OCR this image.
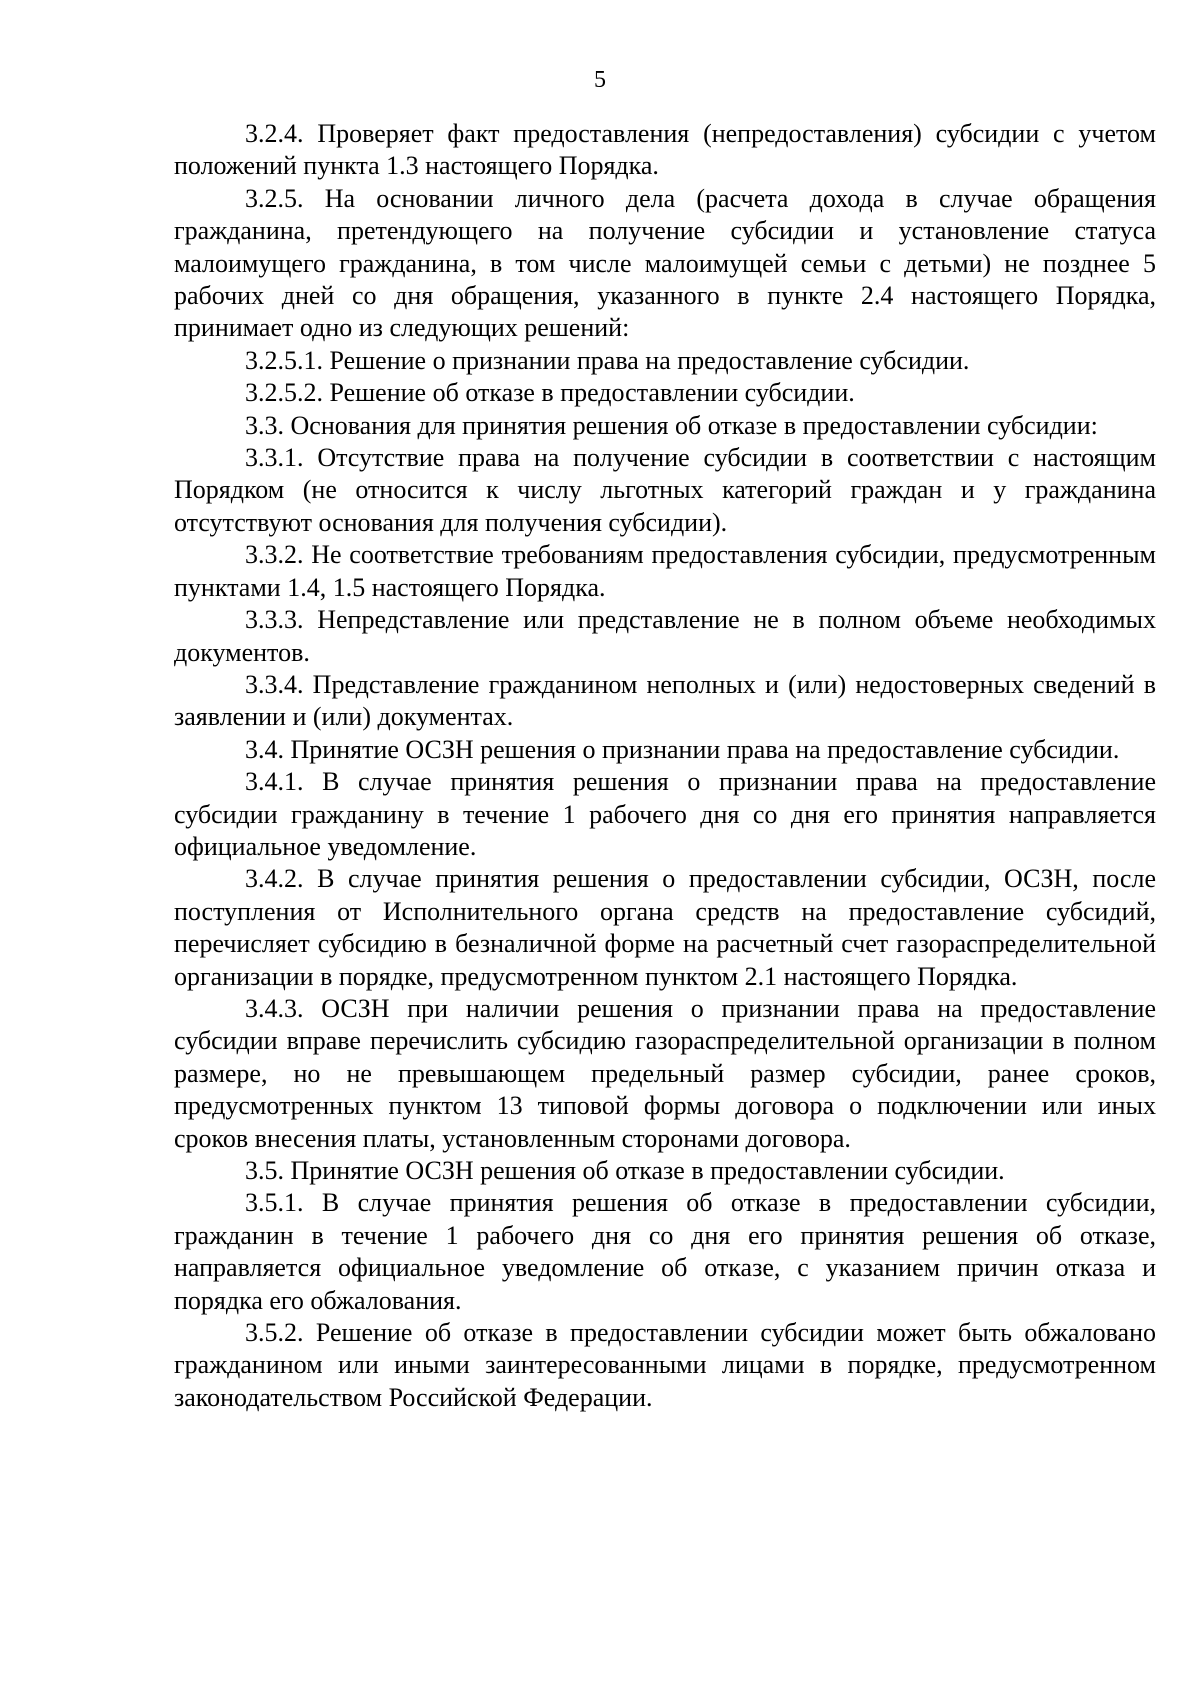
5

3.2.4. Проверяет факт предоставления (непредоставления) субсидии с учетом положений пункта 1.3 настоящего Порядка.

3.2.5. На основании личного дела (расчета дохода в случае обращения гражданина, претендующего на получение субсидии и установление статуса малоимущего гражданина, в том числе малоимущей семьи с детьми) не позднее 5 рабочих дней со дня обращения, указанного в пункте 2.4 настоящего Порядка, принимает одно из следующих решений:

3.2.5.1. Решение о признании права на предоставление субсидии.

3.2.5.2. Решение об отказе в предоставлении субсидии.

3.3. Основания для принятия решения об отказе в предоставлении субсидии:

3.3.1. Отсутствие права на получение субсидии в соответствии с настоящим Порядком (не относится к числу льготных категорий граждан и у гражданина отсутствуют основания для получения субсидии).

3.3.2. Не соответствие требованиям предоставления субсидии, предусмотренным пунктами 1.4, 1.5 настоящего Порядка.

3.3.3. Непредставление или представление не в полном объеме необходимых документов.

3.3.4. Представление гражданином неполных и (или) недостоверных сведений в заявлении и (или) документах.

3.4. Принятие ОСЗН решения о признании права на предоставление субсидии.

3.4.1. В случае принятия решения о признании права на предоставление субсидии гражданину в течение 1 рабочего дня со дня его принятия направляется официальное уведомление.

3.4.2. В случае принятия решения о предоставлении субсидии, ОСЗН, после поступления от Исполнительного органа средств на предоставление субсидий, перечисляет субсидию в безналичной форме на расчетный счет газораспределительной организации в порядке, предусмотренном пунктом 2.1 настоящего Порядка.

3.4.3. ОСЗН при наличии решения о признании права на предоставление субсидии вправе перечислить субсидию газораспределительной организации в полном размере, но не превышающем предельный размер субсидии, ранее сроков, предусмотренных пунктом 13 типовой формы договора о подключении или иных сроков внесения платы, установленным сторонами договора.

3.5. Принятие ОСЗН решения об отказе в предоставлении субсидии.

3.5.1. В случае принятия решения об отказе в предоставлении субсидии, гражданин в течение 1 рабочего дня со дня его принятия решения об отказе, направляется официальное уведомление об отказе, с указанием причин отказа и порядка его обжалования.

3.5.2. Решение об отказе в предоставлении субсидии может быть обжаловано гражданином или иными заинтересованными лицами в порядке, предусмотренном законодательством Российской Федерации.
